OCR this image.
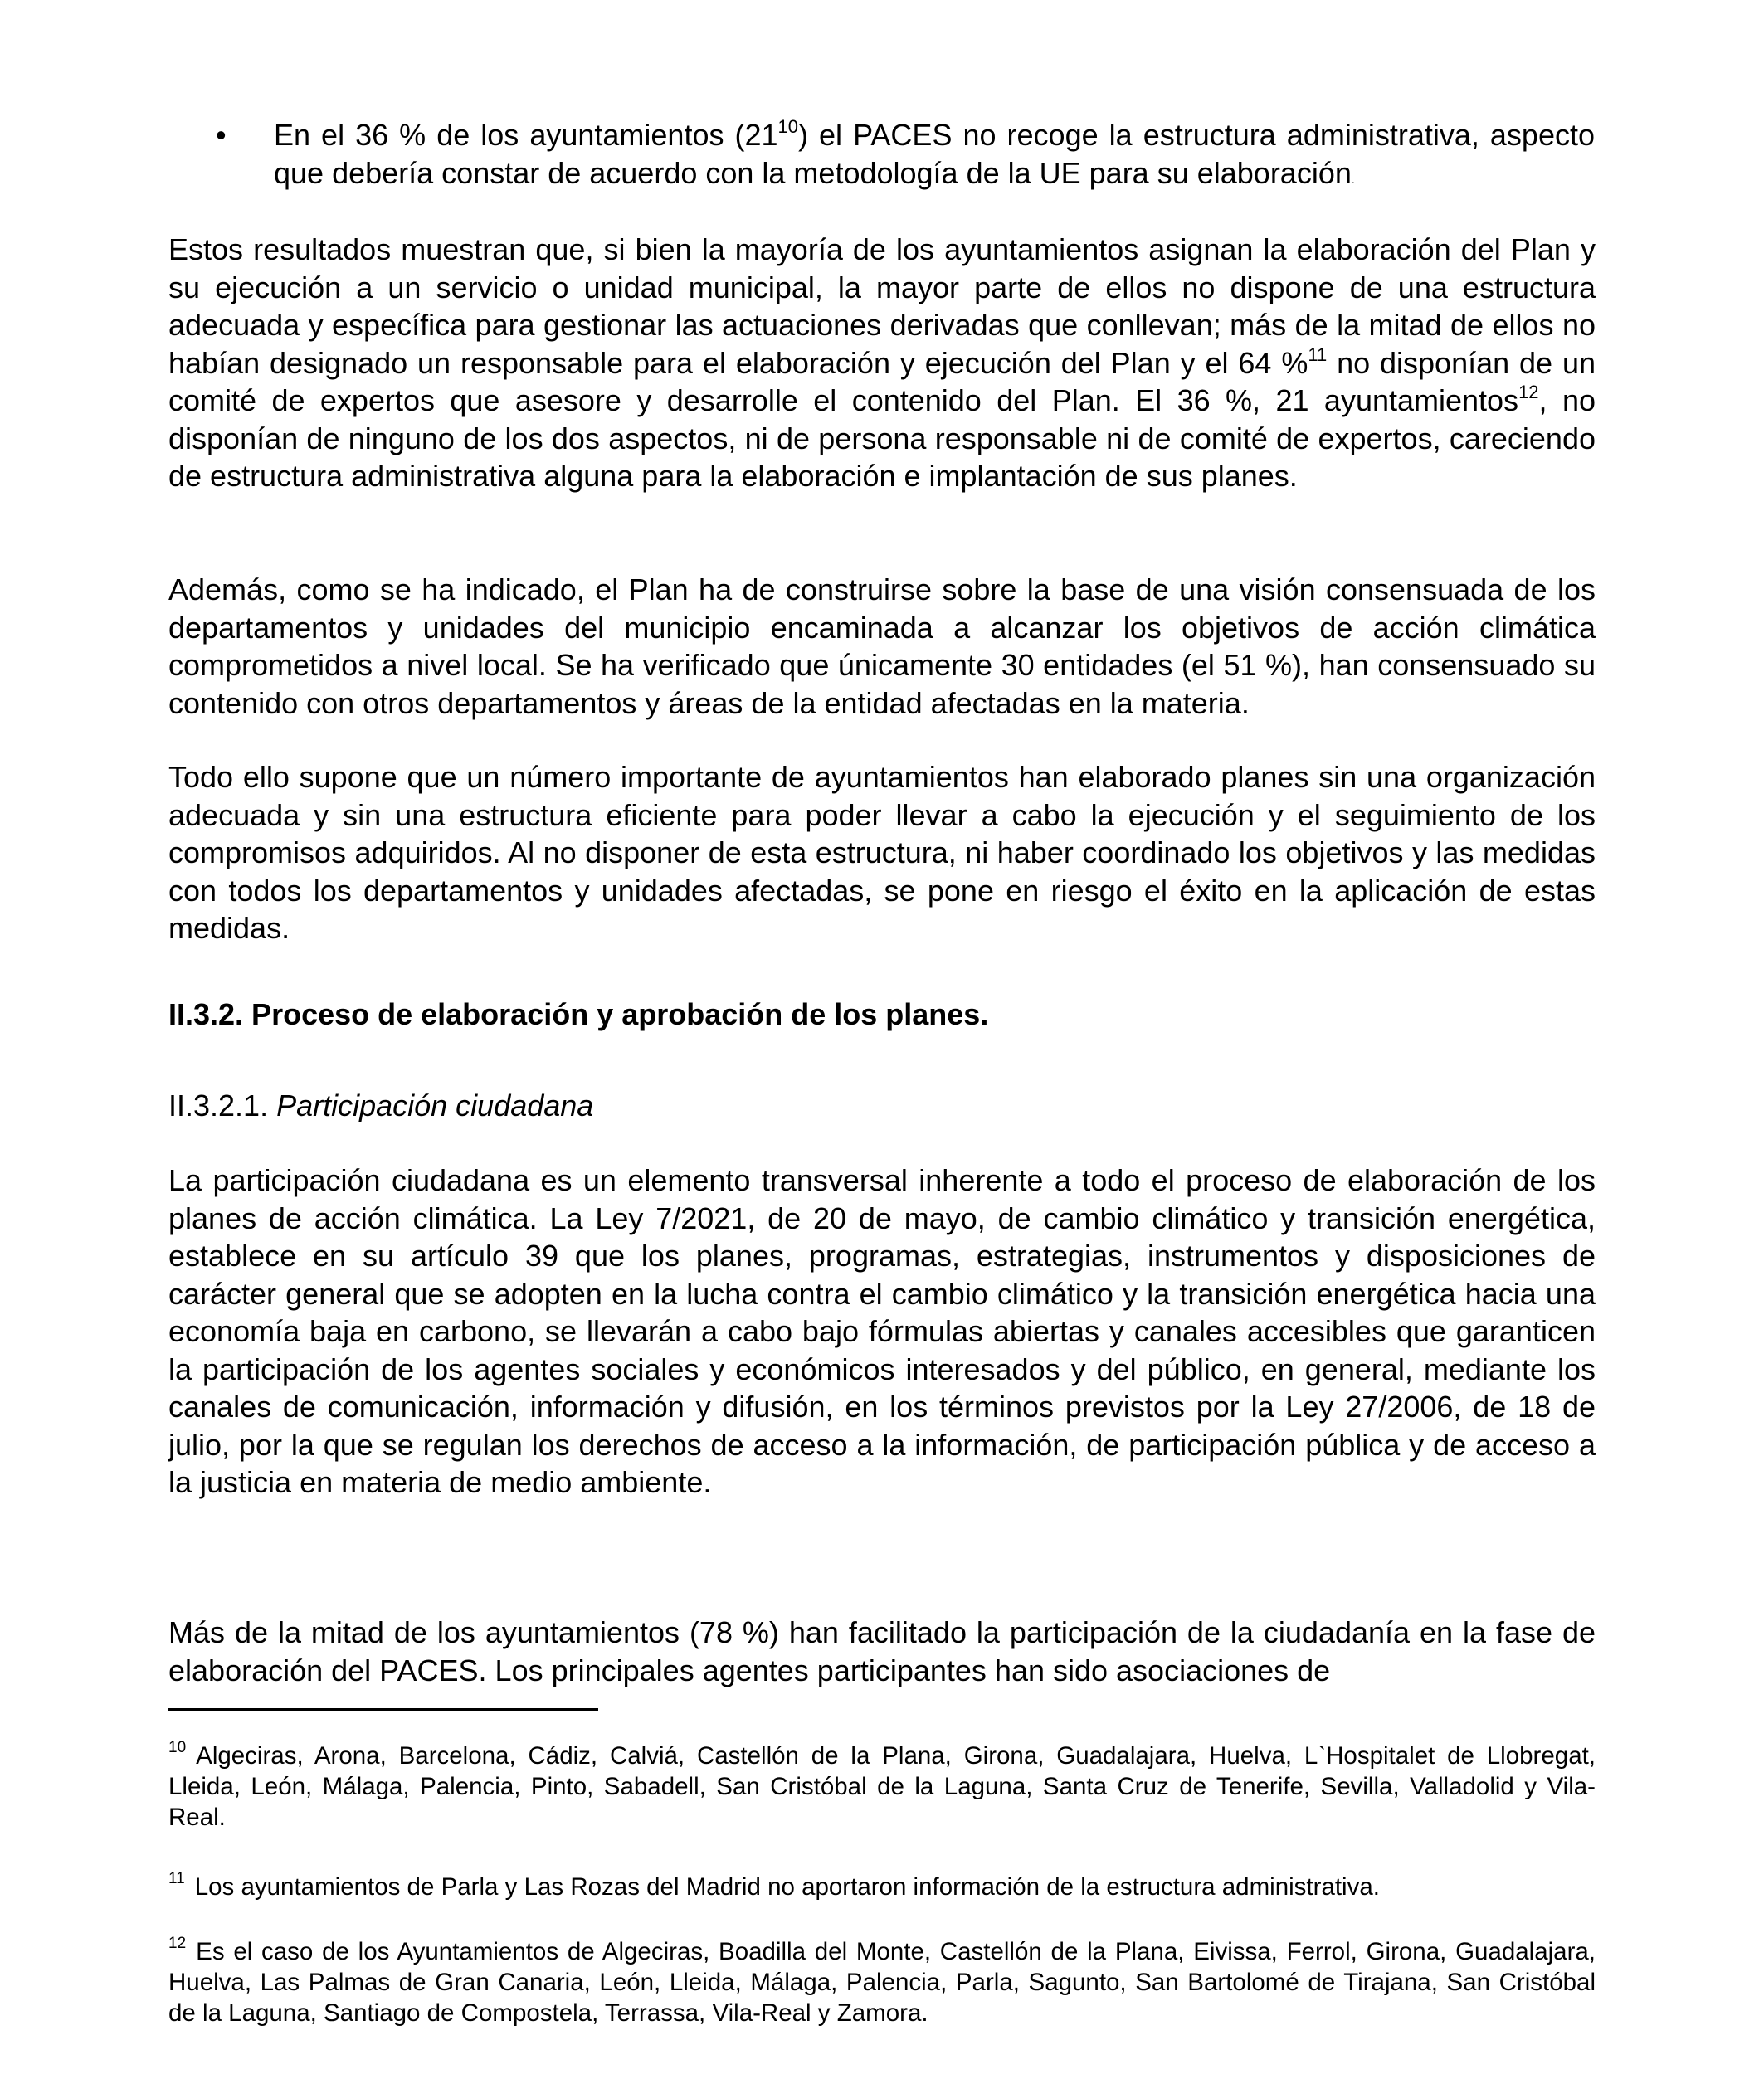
•	En el 36 % de los ayuntamientos $(21^{10})$ el PACES no recoge la estructura administrativa, aspecto que debería constar de acuerdo con la metodología de la UE para su elaboración.

Estos resultados muestran que, si bien la mayoría de los ayuntamientos asignan la elaboración del Plan y su ejecución a un servicio o unidad municipal, la mayor parte de ellos no dispone de una estructura adecuada y específica para gestionar las actuaciones derivadas que conllevan; más de la mitad de ellos no habían designado un responsable para el elaboración y ejecución del Plan y el 64 %$^{11}$ no disponían de un comité de expertos que asesore y desarrolle el contenido del Plan. El 36 %, 21 ayuntamientos$^{12}$, no disponían de ninguno de los dos aspectos, ni de persona responsable ni de comité de expertos, careciendo de estructura administrativa alguna para la elaboración e implantación de sus planes.

Además, como se ha indicado, el Plan ha de construirse sobre la base de una visión consensuada de los departamentos y unidades del municipio encaminada a alcanzar los objetivos de acción climática comprometidos a nivel local. Se ha verificado que únicamente 30 entidades (el 51 %), han consensuado su contenido con otros departamentos y áreas de la entidad afectadas en la materia.

Todo ello supone que un número importante de ayuntamientos han elaborado planes sin una organización adecuada y sin una estructura eficiente para poder llevar a cabo la ejecución y el seguimiento de los compromisos adquiridos. Al no disponer de esta estructura, ni haber coordinado los objetivos y las medidas con todos los departamentos y unidades afectadas, se pone en riesgo el éxito en la aplicación de estas medidas.

II.3.2. Proceso de elaboración y aprobación de los planes.
II.3.2.1. Participación ciudadana

La participación ciudadana es un elemento transversal inherente a todo el proceso de elaboración de los planes de acción climática. La Ley 7/2021, de 20 de mayo, de cambio climático y transición energética, establece en su artículo 39 que los planes, programas, estrategias, instrumentos y disposiciones de carácter general que se adopten en la lucha contra el cambio climático y la transición energética hacia una economía baja en carbono, se llevarán a cabo bajo fórmulas abiertas y canales accesibles que garanticen la participación de los agentes sociales y económicos interesados y del público, en general, mediante los canales de comunicación, información y difusión, en los términos previstos por la Ley 27/2006, de 18 de julio, por la que se regulan los derechos de acceso a la información, de participación pública y de acceso a la justicia en materia de medio ambiente.

Más de la mitad de los ayuntamientos (78 %) han facilitado la participación de la ciudadanía en la fase de elaboración del PACES. Los principales agentes participantes han sido asociaciones de

$^{10}$ Algeciras, Arona, Barcelona, Cádiz, Calviá, Castellón de la Plana, Girona, Guadalajara, Huelva, L`Hospitalet de Llobregat, Lleida, León, Málaga, Palencia, Pinto, Sabadell, San Cristóbal de la Laguna, Santa Cruz de Tenerife, Sevilla, Valladolid y Vila- Real.

$^{11}$ Los ayuntamientos de Parla y Las Rozas del Madrid no aportaron información de la estructura administrativa.

$^{12}$ Es el caso de los Ayuntamientos de Algeciras, Boadilla del Monte, Castellón de la Plana, Eivissa, Ferrol, Girona, Guadalajara, Huelva, Las Palmas de Gran Canaria, León, Lleida, Málaga, Palencia, Parla, Sagunto, San Bartolomé de Tirajana, San Cristóbal de la Laguna, Santiago de Compostela, Terrassa, Vila-Real y Zamora.
